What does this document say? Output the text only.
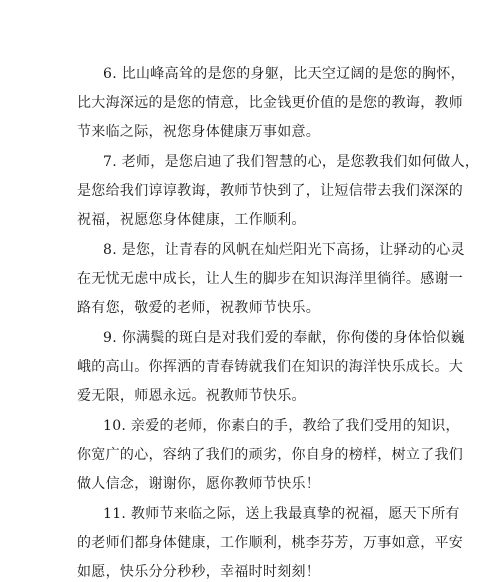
6. 比山峰高耸的是您的身躯，比天空辽阔的是您的胸怀，
比大海深远的是您的情意，比金钱更价值的是您的教诲，教师
节来临之际，祝您身体健康万事如意。
7. 老师，是您启迪了我们智慧的心，是您教我们如何做人，
是您给我们谆谆教诲，教师节快到了，让短信带去我们深深的
祝福，祝愿您身体健康，工作顺利。
8. 是您，让青春的风帆在灿烂阳光下高扬，让驿动的心灵
在无忧无虑中成长，让人生的脚步在知识海洋里徜徉。感谢一
路有您，敬爱的老师，祝教师节快乐。
9. 你满鬓的斑白是对我们爱的奉献，你佝偻的身体恰似巍
峨的高山。你挥洒的青春铸就我们在知识的海洋快乐成长。大
爱无限，师恩永远。祝教师节快乐。
10. 亲爱的老师，你素白的手，教给了我们受用的知识，
你宽广的心，容纳了我们的顽劣，你自身的榜样，树立了我们
做人信念，谢谢你，愿你教师节快乐！
11. 教师节来临之际，送上我最真挚的祝福，愿天下所有
的老师们都身体健康，工作顺利，桃李芬芳，万事如意，平安
如愿，快乐分分秒秒，幸福时时刻刻！
